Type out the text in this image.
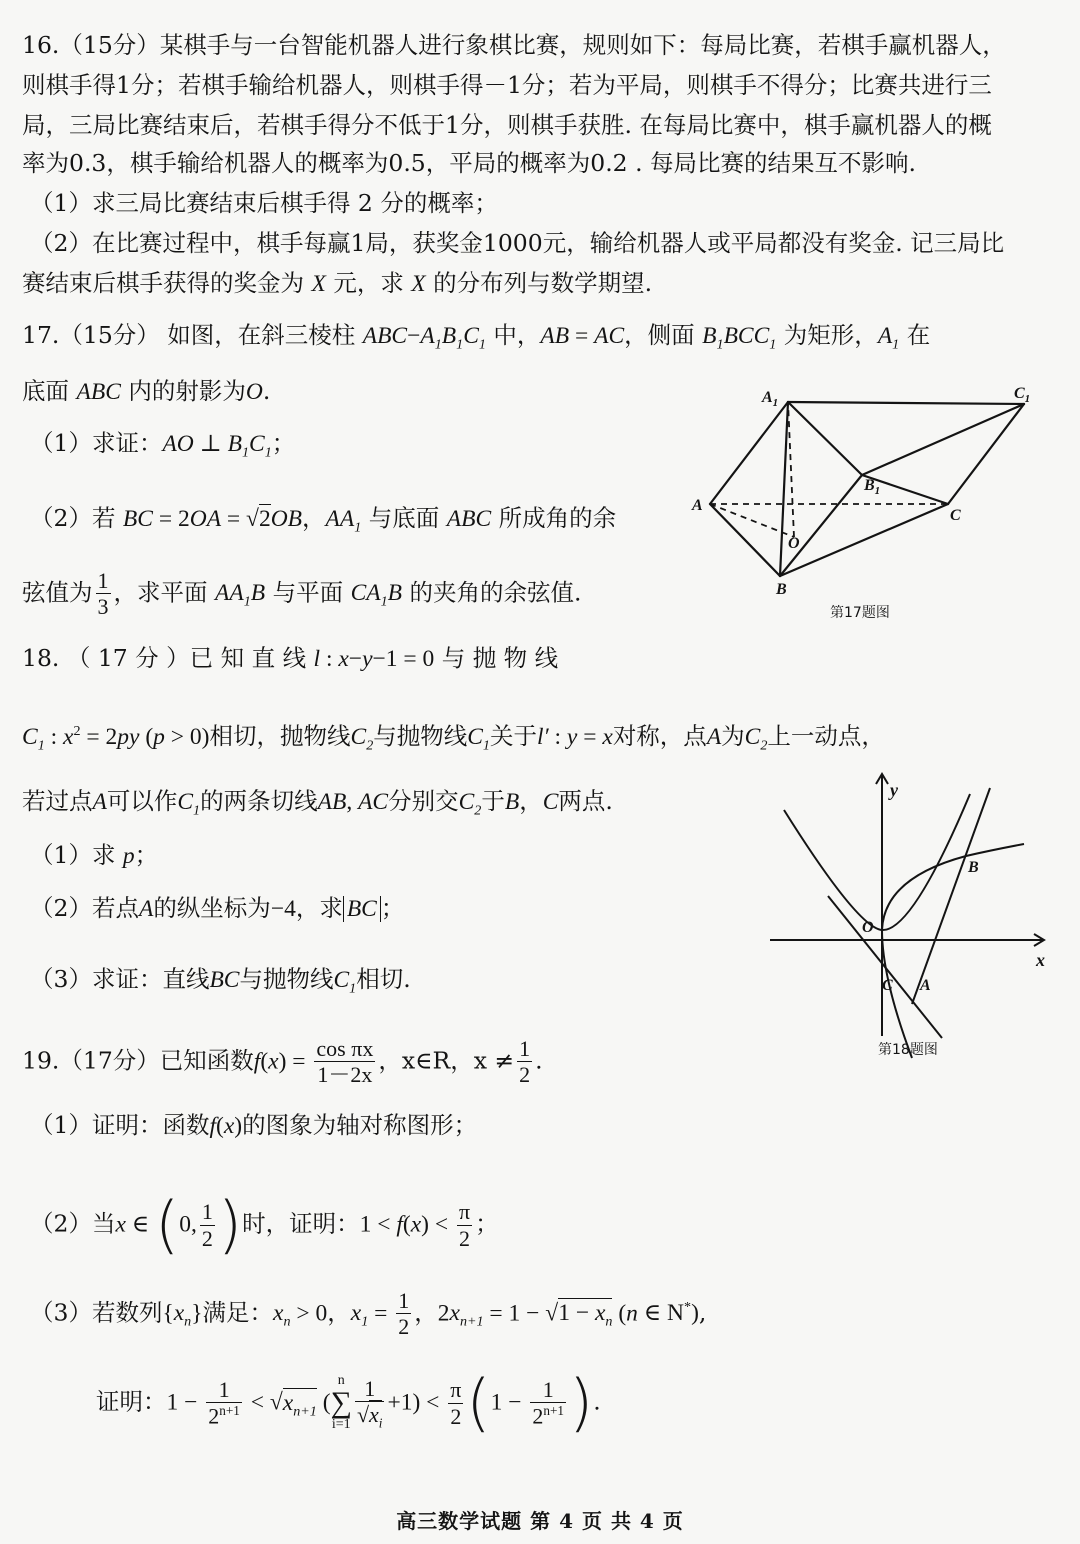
16.（15分）某棋手与一台智能机器人进行象棋比赛，规则如下：每局比赛，若棋手赢机器人，
则棋手得1分；若棋手输给机器人，则棋手得－1分；若为平局，则棋手不得分；比赛共进行三
局，三局比赛结束后，若棋手得分不低于1分，则棋手获胜. 在每局比赛中，棋手赢机器人的概
率为0.3，棋手输给机器人的概率为0.5，平局的概率为0.2 . 每局比赛的结果互不影响.
（1）求三局比赛结束后棋手得 2 分的概率；
（2）在比赛过程中，棋手每赢1局，获奖金1000元，输给机器人或平局都没有奖金. 记三局比
赛结束后棋手获得的奖金为 X 元，求 X 的分布列与数学期望.
17.（15分） 如图，在斜三棱柱 $ABC-A_1B_1C_1$ 中，AB = AC，侧面 $B_1BCC_1$ 为矩形，$A_1$ 在
底面 ABC 内的射影为O.
（1）求证：AO ⊥ $B_1C_1$；
（2）若 BC = 2OA = √2OB，$AA_1$ 与底面 ABC 所成角的余
弦值为 $\frac{1}{3}$ ，求平面 $AA_1B$ 与平面 $CA_1B$ 的夹角的余弦值.
$A_1$
$C_1$
$B_1$
A
C
O
B
第17题图
18. （ 17 分 ）已 知 直 线 l : x−y−1 = 0 与 抛 物 线
$C_1$ : $x^2 = 2py$ (p > 0)相切，抛物线$C_2$与抛物线$C_1$关于l′ : y = x对称，点A为$C_2$上一动点，
若过点A可以作$C_1$的两条切线AB, AC分别交$C_2$于B，C两点.
（1）求 p；
（2）若点A的纵坐标为−4，求 BC ；
（3）求证：直线BC与抛物线$C_1$相切.
y
x
O
B
C A
第18题图
19.（17分）已知函数$f(x) = \frac{\text{cos πx}}{1-2x}$ ，x∈R，$x \ne \frac{1}{2}$ .
（1）证明：函数f(x)的图象为轴对称图形；
（2）当x ∈ (0, $\frac{1}{2}$ )时，证明：$1 < f(x) < \frac{\pi}{2}$ ；
（3）若数列$\{x_n\}$满足：$x_n > 0$，$x_1 = \frac{1}{2}$ ，$2x_{n+1} = 1 - √1 - x_n$ (n ∈ N*),
证明：$1 - \frac{1}{2^{n+1}} < √x_{n+1}$ (n
∑
$i=1 \frac{1}{√x_i} +1) < \frac{\pi}{2} (1 - \frac{1}{2^{n+1}}$ ).
高三数学试题 第 4 页 共 4 页
